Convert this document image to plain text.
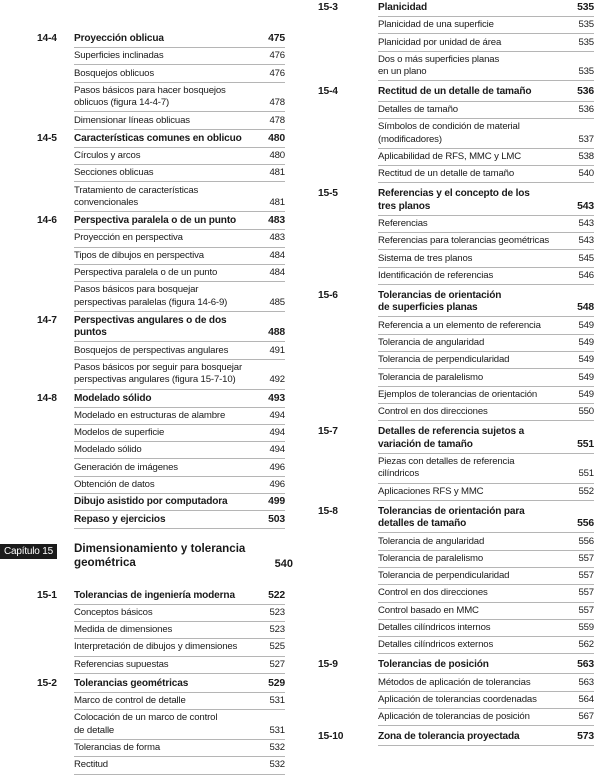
14-4 Proyección oblicua	475
Superficies inclinadas	476
Bosquejos oblicuos	476
Pasos básicos para hacer bosquejos
oblicuos (figura 14-4-7)	478
Dimensionar líneas oblicuas	478
14-5 Características comunes en oblicuo	480
Círculos y arcos	480
Secciones oblicuas	481
Tratamiento de características
convencionales	481
14-6 Perspectiva paralela o de un punto	483
Proyección en perspectiva	483
Tipos de dibujos en perspectiva	484
Perspectiva paralela o de un punto	484
Pasos básicos para bosquejar
perspectivas paralelas (figura 14-6-9)	485
14-7 Perspectivas angulares o de dos puntos	488
Bosquejos de perspectivas angulares	491
Pasos básicos por seguir para bosquejar
perspectivas angulares (figura 15-7-10)	492
14-8 Modelado sólido	493
Modelado en estructuras de alambre	494
Modelos de superficie	494
Modelado sólido	494
Generación de imágenes	496
Obtención de datos	496
Dibujo asistido por computadora	499
Repaso y ejercicios	503
Capítulo 15	Dimensionamiento y tolerancia
geométrica	540
15-1 Tolerancias de ingeniería moderna	522
Conceptos básicos	523
Medida de dimensiones	523
Interpretación de dibujos y dimensiones	525
Referencias supuestas	527
15-2 Tolerancias geométricas	529
Marco de control de detalle	531
Colocación de un marco de control
de detalle	531
Tolerancias de forma	532
Rectitud	532
15-3	Planicidad	535
Planicidad de una superficie	535
Planicidad por unidad de área	535
Dos o más superficies planas
en un plano	535
15-4	Rectitud de un detalle de tamaño	536
Detalles de tamaño	536
Símbolos de condición de material
(modificadores)	537
Aplicabilidad de RFS, MMC y LMC	538
Rectitud de un detalle de tamaño	540
15-5	Referencias y el concepto de los
tres planos	543
Referencias	543
Referencias para tolerancias geométricas	543
Sistema de tres planos	545
Identificación de referencias	546
15-6	Tolerancias de orientación
de superficies planas	548
Referencia a un elemento de referencia	549
Tolerancia de angularidad	549
Tolerancia de perpendicularidad	549
Tolerancia de paralelismo	549
Ejemplos de tolerancias de orientación	549
Control en dos direcciones	550
15-7	Detalles de referencia sujetos a
variación de tamaño	551
Piezas con detalles de referencia
cilíndricos	551
Aplicaciones RFS y MMC	552
15-8	Tolerancias de orientación para
detalles de tamaño	556
Tolerancia de angularidad	556
Tolerancia de paralelismo	557
Tolerancia de perpendicularidad	557
Control en dos direcciones	557
Control basado en MMC	557
Detalles cilíndricos internos	559
Detalles cilíndricos externos	562
15-9	Tolerancias de posición	563
Métodos de aplicación de tolerancias	563
Aplicación de tolerancias coordenadas	564
Aplicación de tolerancias de posición	567
15-10	Zona de tolerancia proyectada	573
